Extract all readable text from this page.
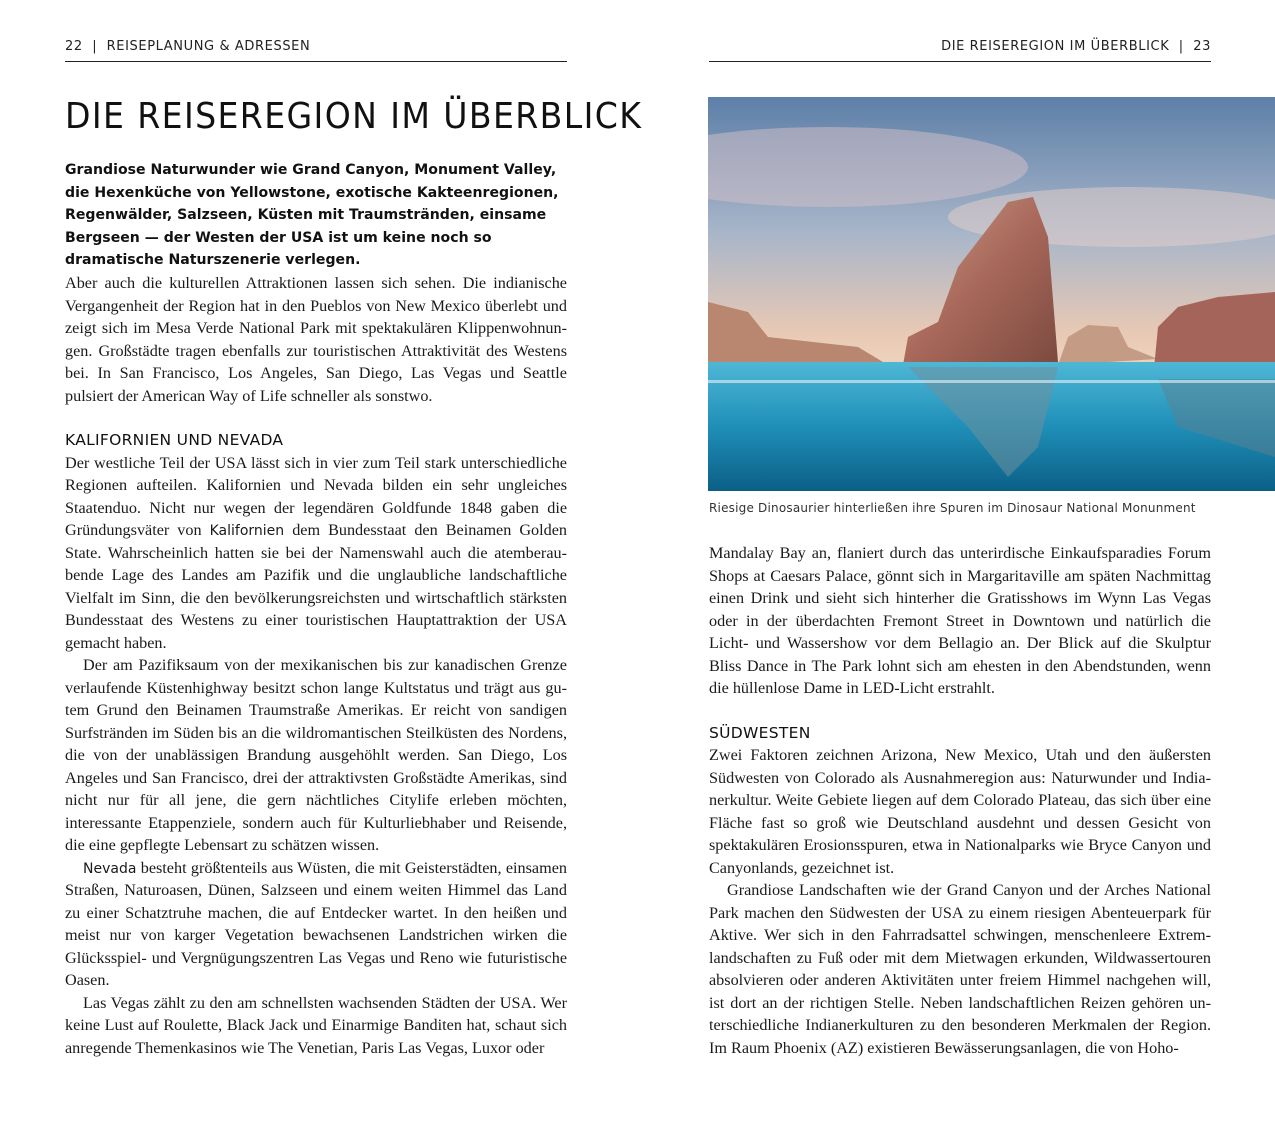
22  |  REISEPLANUNG & ADRESSEN	DIE REISEREGION IM ÜBERBLICK  |  23
DIE REISEREGION IM ÜBERBLICK
Grandiose Naturwunder wie Grand Canyon, Monument Valley, die Hexenküche von Yellowstone, exotische Kakteenregionen, Regenwälder, Salzseen, Küsten mit Traumstränden, einsame Bergseen — der Westen der USA ist um keine noch so dramatische Naturszenerie verlegen.

Aber auch die kulturellen Attraktionen lassen sich sehen. Die indianische Vergangenheit der Region hat in den Pueblos von New Mexico überlebt und zeigt sich im Mesa Verde National Park mit spektakulären Klippenwohnungen. Großstädte tragen ebenfalls zur touristischen Attraktivität des Westens bei. In San Francisco, Los Angeles, San Diego, Las Vegas und Seattle pulsiert der American Way of Life schneller als sonstwo.

KALIFORNIEN UND NEVADA

Der westliche Teil der USA lässt sich in vier zum Teil stark unterschiedliche Regionen aufteilen. Kalifornien und Nevada bilden ein sehr ungleiches Staatenduo. Nicht nur wegen der legendären Goldfunde 1848 gaben die Gründungsväter von Kalifornien dem Bundesstaat den Beinamen Golden State. Wahrscheinlich hatten sie bei der Namenswahl auch die atemberaubende Lage des Landes am Pazifik und die unglaubliche landschaftliche Vielfalt im Sinn, die den bevölkerungsreichsten und wirtschaftlich stärksten Bundesstaat des Westens zu einer touristischen Hauptattraktion der USA gemacht haben.

Der am Pazifiksaum von der mexikanischen bis zur kanadischen Grenze verlaufende Küstenhighway besitzt schon lange Kultstatus und trägt aus gutem Grund den Beinamen Traumstraße Amerikas. Er reicht von sandigen Surfstränden im Süden bis an die wildromantischen Steilküsten des Nordens, die von der unablässigen Brandung ausgehöhlt werden. San Diego, Los Angeles und San Francisco, drei der attraktivsten Großstädte Amerikas, sind nicht nur für all jene, die gern nächtliches Citylife erleben möchten, interessante Etappenziele, sondern auch für Kulturliebhaber und Reisende, die eine gepflegte Lebensart zu schätzen wissen.

Nevada besteht größtenteils aus Wüsten, die mit Geisterstädten, einsamen Straßen, Naturoasen, Dünen, Salzseen und einem weiten Himmel das Land zu einer Schatztruhe machen, die auf Entdecker wartet. In den heißen und meist nur von karger Vegetation bewachsenen Landstrichen wirken die Glücksspiel- und Vergnügungszentren Las Vegas und Reno wie futuristische Oasen.

Las Vegas zählt zu den am schnellsten wachsenden Städten der USA. Wer keine Lust auf Roulette, Black Jack und Einarmige Banditen hat, schaut sich anregende Themenkasinos wie The Venetian, Paris Las Vegas, Luxor oder

Riesige Dinosaurier hinterließen ihre Spuren im Dinosaur National Monunment

Mandalay Bay an, flaniert durch das unterirdische Einkaufsparadies Forum Shops at Caesars Palace, gönnt sich in Margaritaville am späten Nachmittag einen Drink und sieht sich hinterher die Gratisshows im Wynn Las Vegas oder in der überdachten Fremont Street in Downtown und natürlich die Licht- und Wassershow vor dem Bellagio an. Der Blick auf die Skulptur Bliss Dance in The Park lohnt sich am ehesten in den Abendstunden, wenn die hüllenlose Dame in LED-Licht erstrahlt.

SÜDWESTEN

Zwei Faktoren zeichnen Arizona, New Mexico, Utah und den äußersten Südwesten von Colorado als Ausnahmeregion aus: Naturwunder und Indianerkultur. Weite Gebiete liegen auf dem Colorado Plateau, das sich über eine Fläche fast so groß wie Deutschland ausdehnt und dessen Gesicht von spektakulären Erosionsspuren, etwa in Nationalparks wie Bryce Canyon und Canyonlands, gezeichnet ist.

Grandiose Landschaften wie der Grand Canyon und der Arches National Park machen den Südwesten der USA zu einem riesigen Abenteuerpark für Aktive. Wer sich in den Fahrradsattel schwingen, menschenleere Extremlandschaften zu Fuß oder mit dem Mietwagen erkunden, Wildwassertouren absolvieren oder anderen Aktivitäten unter freiem Himmel nachgehen will, ist dort an der richtigen Stelle. Neben landschaftlichen Reizen gehören unterschiedliche Indianerkulturen zu den besonderen Merkmalen der Region. Im Raum Phoenix (AZ) existieren Bewässerungsanlagen, die von Hoho-
